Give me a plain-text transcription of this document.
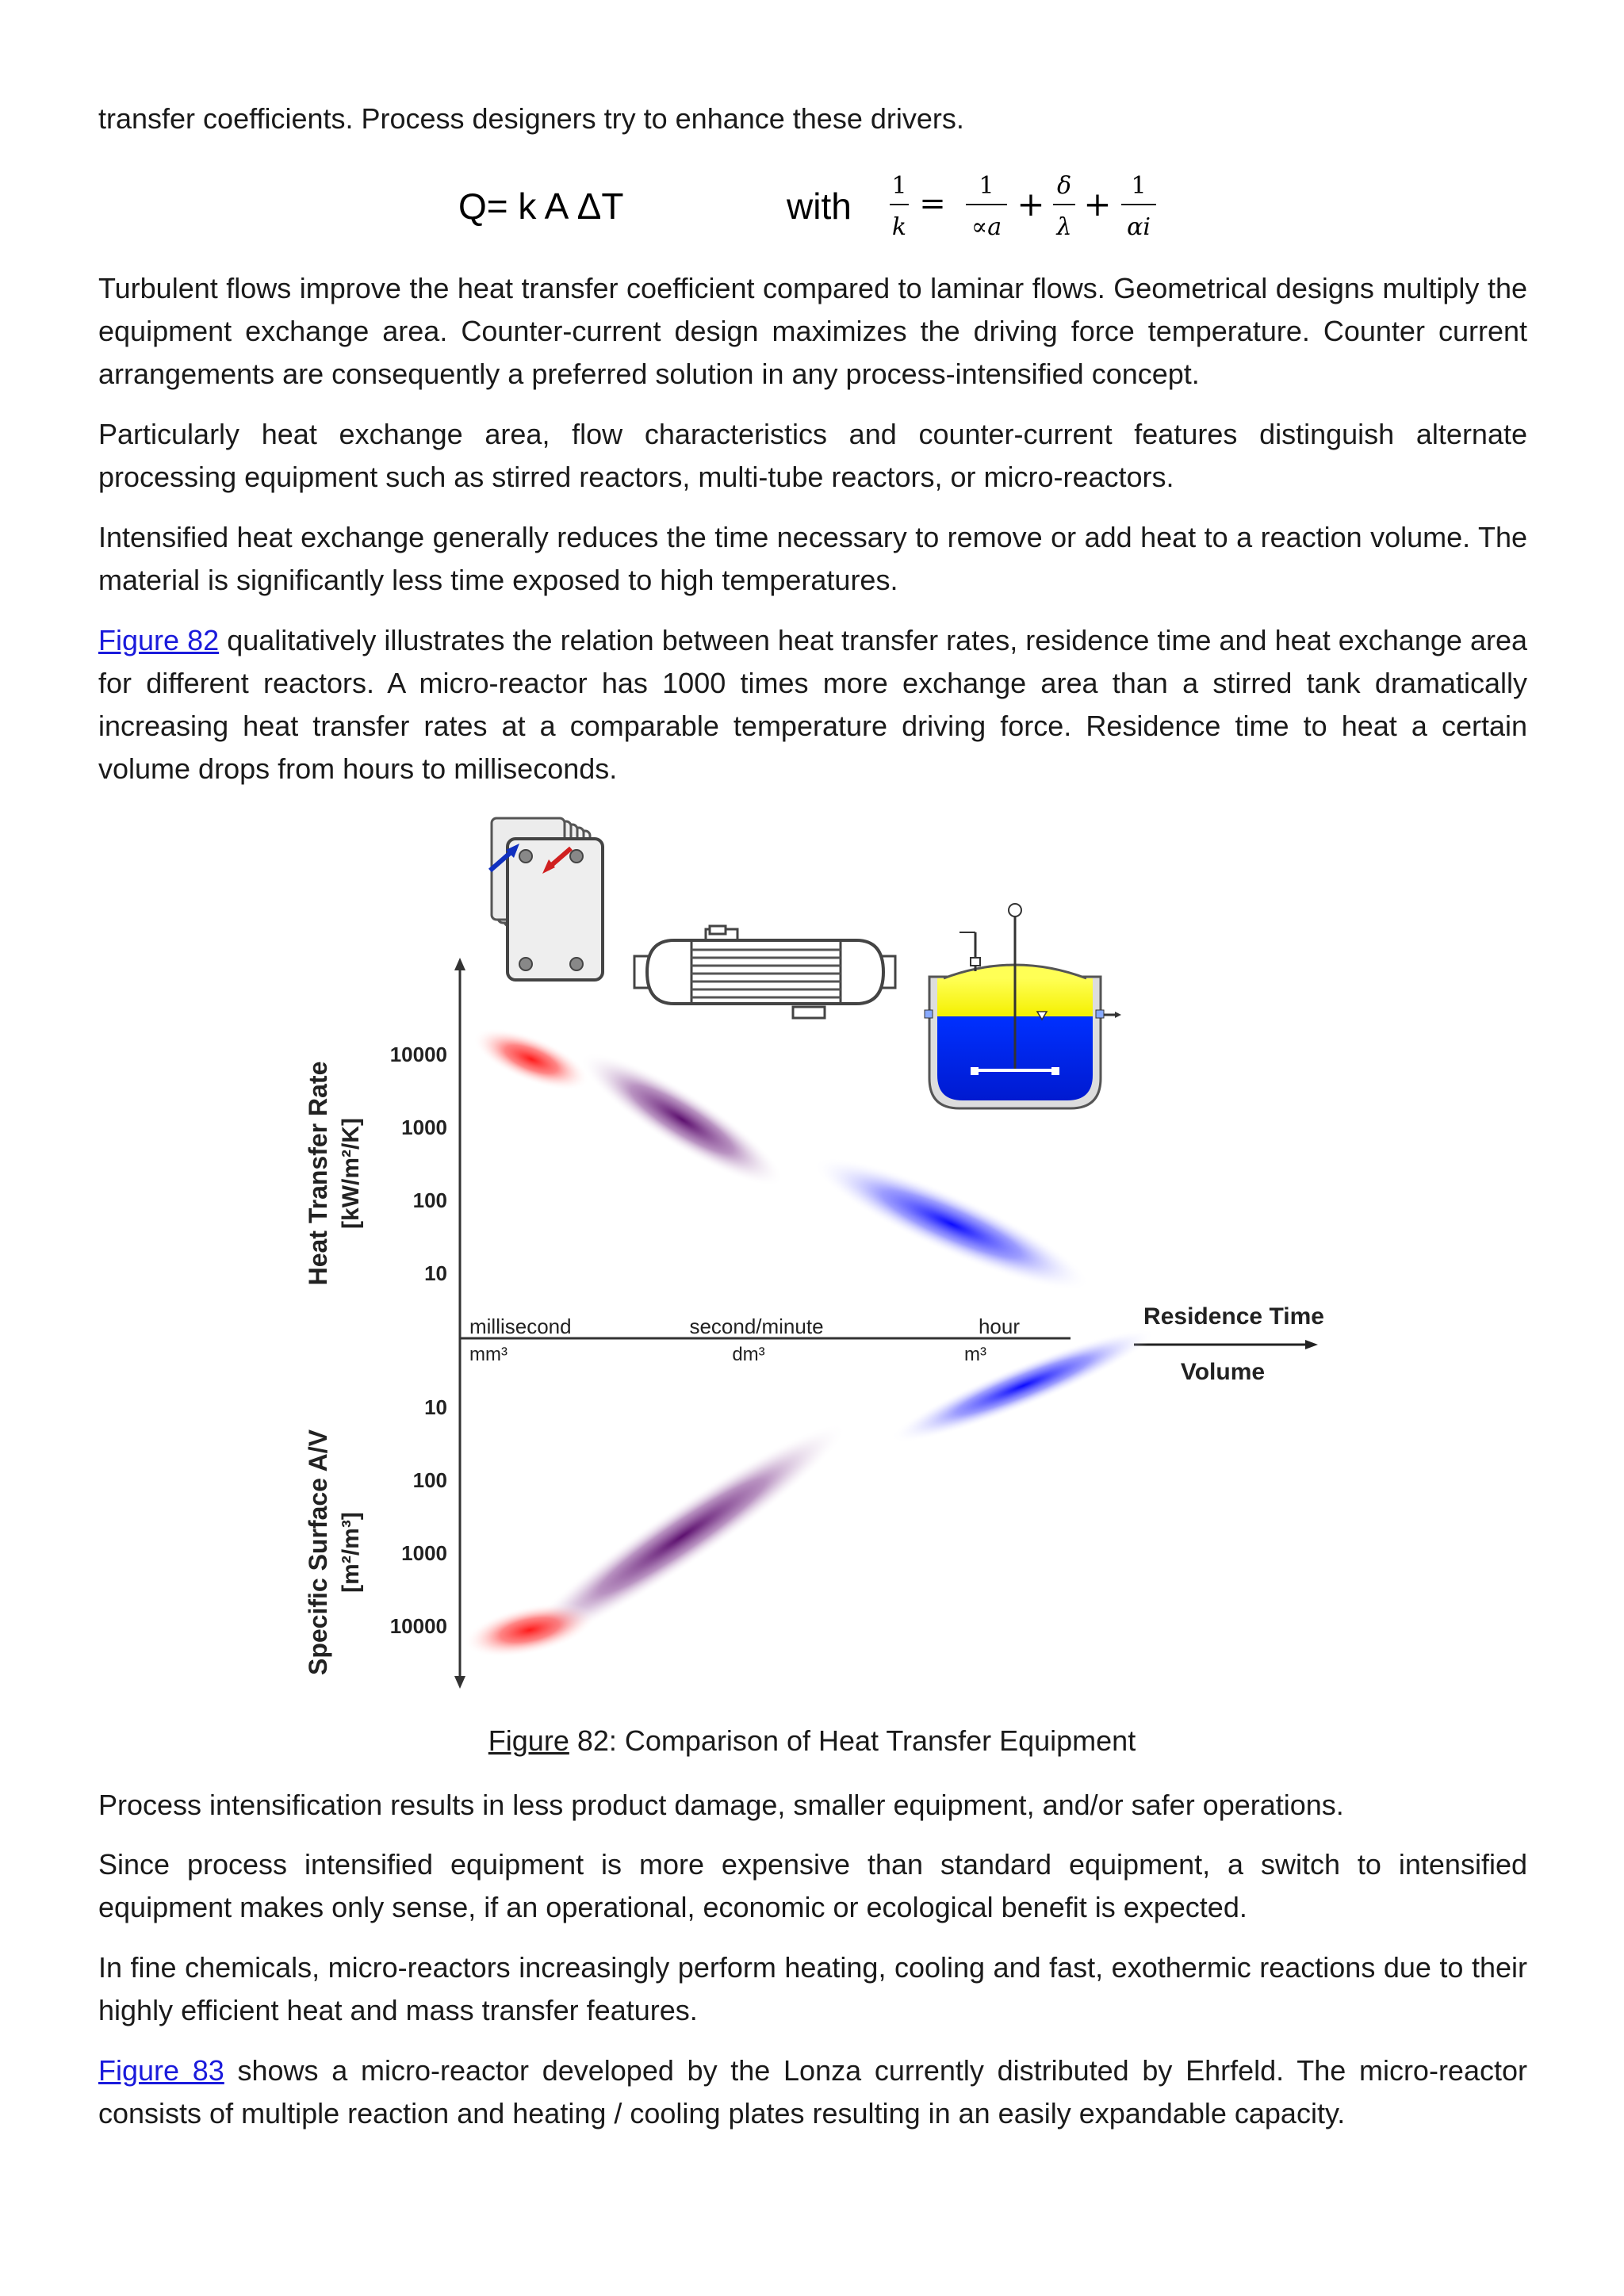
transfer coefficients. Process designers try to enhance these drivers.

Q= k A ΔT	with 1
k
= 1
∝a
+ δ
λ
+ 1
αi

Turbulent flows improve the heat transfer coefficient compared to laminar flows. Geometrical designs multiply the equipment exchange area. Counter-current design maximizes the driving force temperature. Counter current arrangements are consequently a preferred solution in any process-intensified concept.

Particularly heat exchange area, flow characteristics and counter-current features distinguish alternate processing equipment such as stirred reactors, multi-tube reactors, or micro-reactors.

Intensified heat exchange generally reduces the time necessary to remove or add heat to a reaction volume. The material is significantly less time exposed to high temperatures.

Figure 82 qualitatively illustrates the relation between heat transfer rates, residence time and heat exchange area for different reactors. A micro-reactor has 1000 times more exchange area than a stirred tank dramatically increasing heat transfer rates at a comparable temperature driving force. Residence time to heat a certain volume drops from hours to milliseconds.

Heat Transfer Rate [kW/m²/K]
Specific Surface A/V [m²/m³]
10000
1000
100
10
10
100
1000
10000
millisecond
mm³
second/minute
dm³
hour
m³
Residence Time
Volume
Figure 82: Comparison of Heat Transfer Equipment

Process intensification results in less product damage, smaller equipment, and/or safer operations.

Since process intensified equipment is more expensive than standard equipment, a switch to intensified equipment makes only sense, if an operational, economic or ecological benefit is expected.

In fine chemicals, micro-reactors increasingly perform heating, cooling and fast, exothermic reactions due to their highly efficient heat and mass transfer features.

Figure 83 shows a micro-reactor developed by the Lonza currently distributed by Ehrfeld. The micro-reactor consists of multiple reaction and heating / cooling plates resulting in an easily expandable capacity.
